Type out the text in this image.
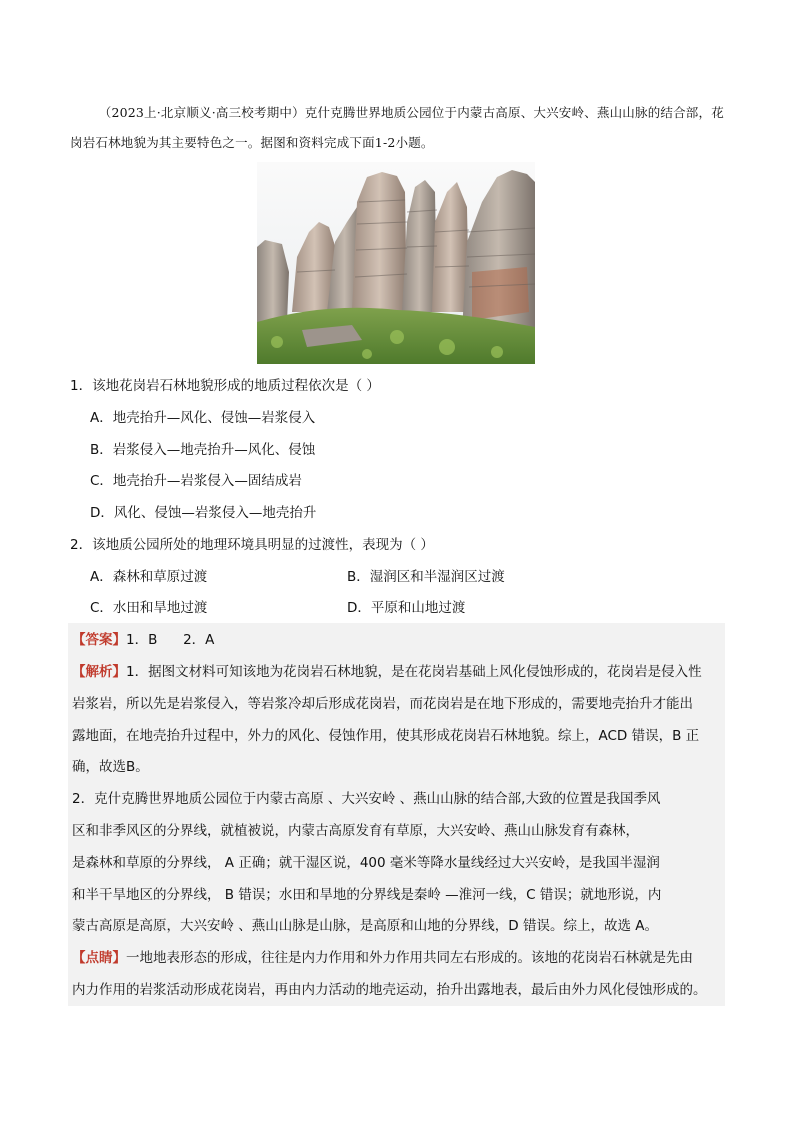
（2023上·北京顺义·高三校考期中）克什克腾世界地质公园位于内蒙古高原、大兴安岭、燕山山脉的结合部，花岗岩石林地貌为其主要特色之一。据图和资料完成下面1-2小题。
1．该地花岗岩石林地貌形成的地质过程依次是（ ）
A．地壳抬升—风化、侵蚀—岩浆侵入
B．岩浆侵入—地壳抬升—风化、侵蚀
C．地壳抬升—岩浆侵入—固结成岩
D．风化、侵蚀—岩浆侵入—地壳抬升
2．该地质公园所处的地理环境具明显的过渡性，表现为（ ）
A．森林和草原过渡	B．湿润区和半湿润区过渡
C．水田和旱地过渡	D．平原和山地过渡
【答案】1．B      2．A
【解析】1．据图文材料可知该地为花岗岩石林地貌，是在花岗岩基础上风化侵蚀形成的，花岗岩是侵入性
岩浆岩，所以先是岩浆侵入，等岩浆冷却后形成花岗岩，而花岗岩是在地下形成的，需要地壳抬升才能出
露地面，在地壳抬升过程中，外力的风化、侵蚀作用，使其形成花岗岩石林地貌。综上，ACD 错误，B 正
确，故选B。
2．克什克腾世界地质公园位于内蒙古高原 、大兴安岭 、燕山山脉的结合部,大致的位置是我国季风
区和非季风区的分界线，就植被说，内蒙古高原发育有草原，大兴安岭、燕山山脉发育有森林，
是森林和草原的分界线， A 正确；就干湿区说，400 毫米等降水量线经过大兴安岭，是我国半湿润
和半干旱地区的分界线， B 错误；水田和旱地的分界线是秦岭 —淮河一线，C 错误；就地形说，内
蒙古高原是高原，大兴安岭 、燕山山脉是山脉，是高原和山地的分界线，D 错误。综上，故选 A。
【点睛】一地地表形态的形成，往往是内力作用和外力作用共同左右形成的。该地的花岗岩石林就是先由
内力作用的岩浆活动形成花岗岩，再由内力活动的地壳运动，抬升出露地表，最后由外力风化侵蚀形成的。
